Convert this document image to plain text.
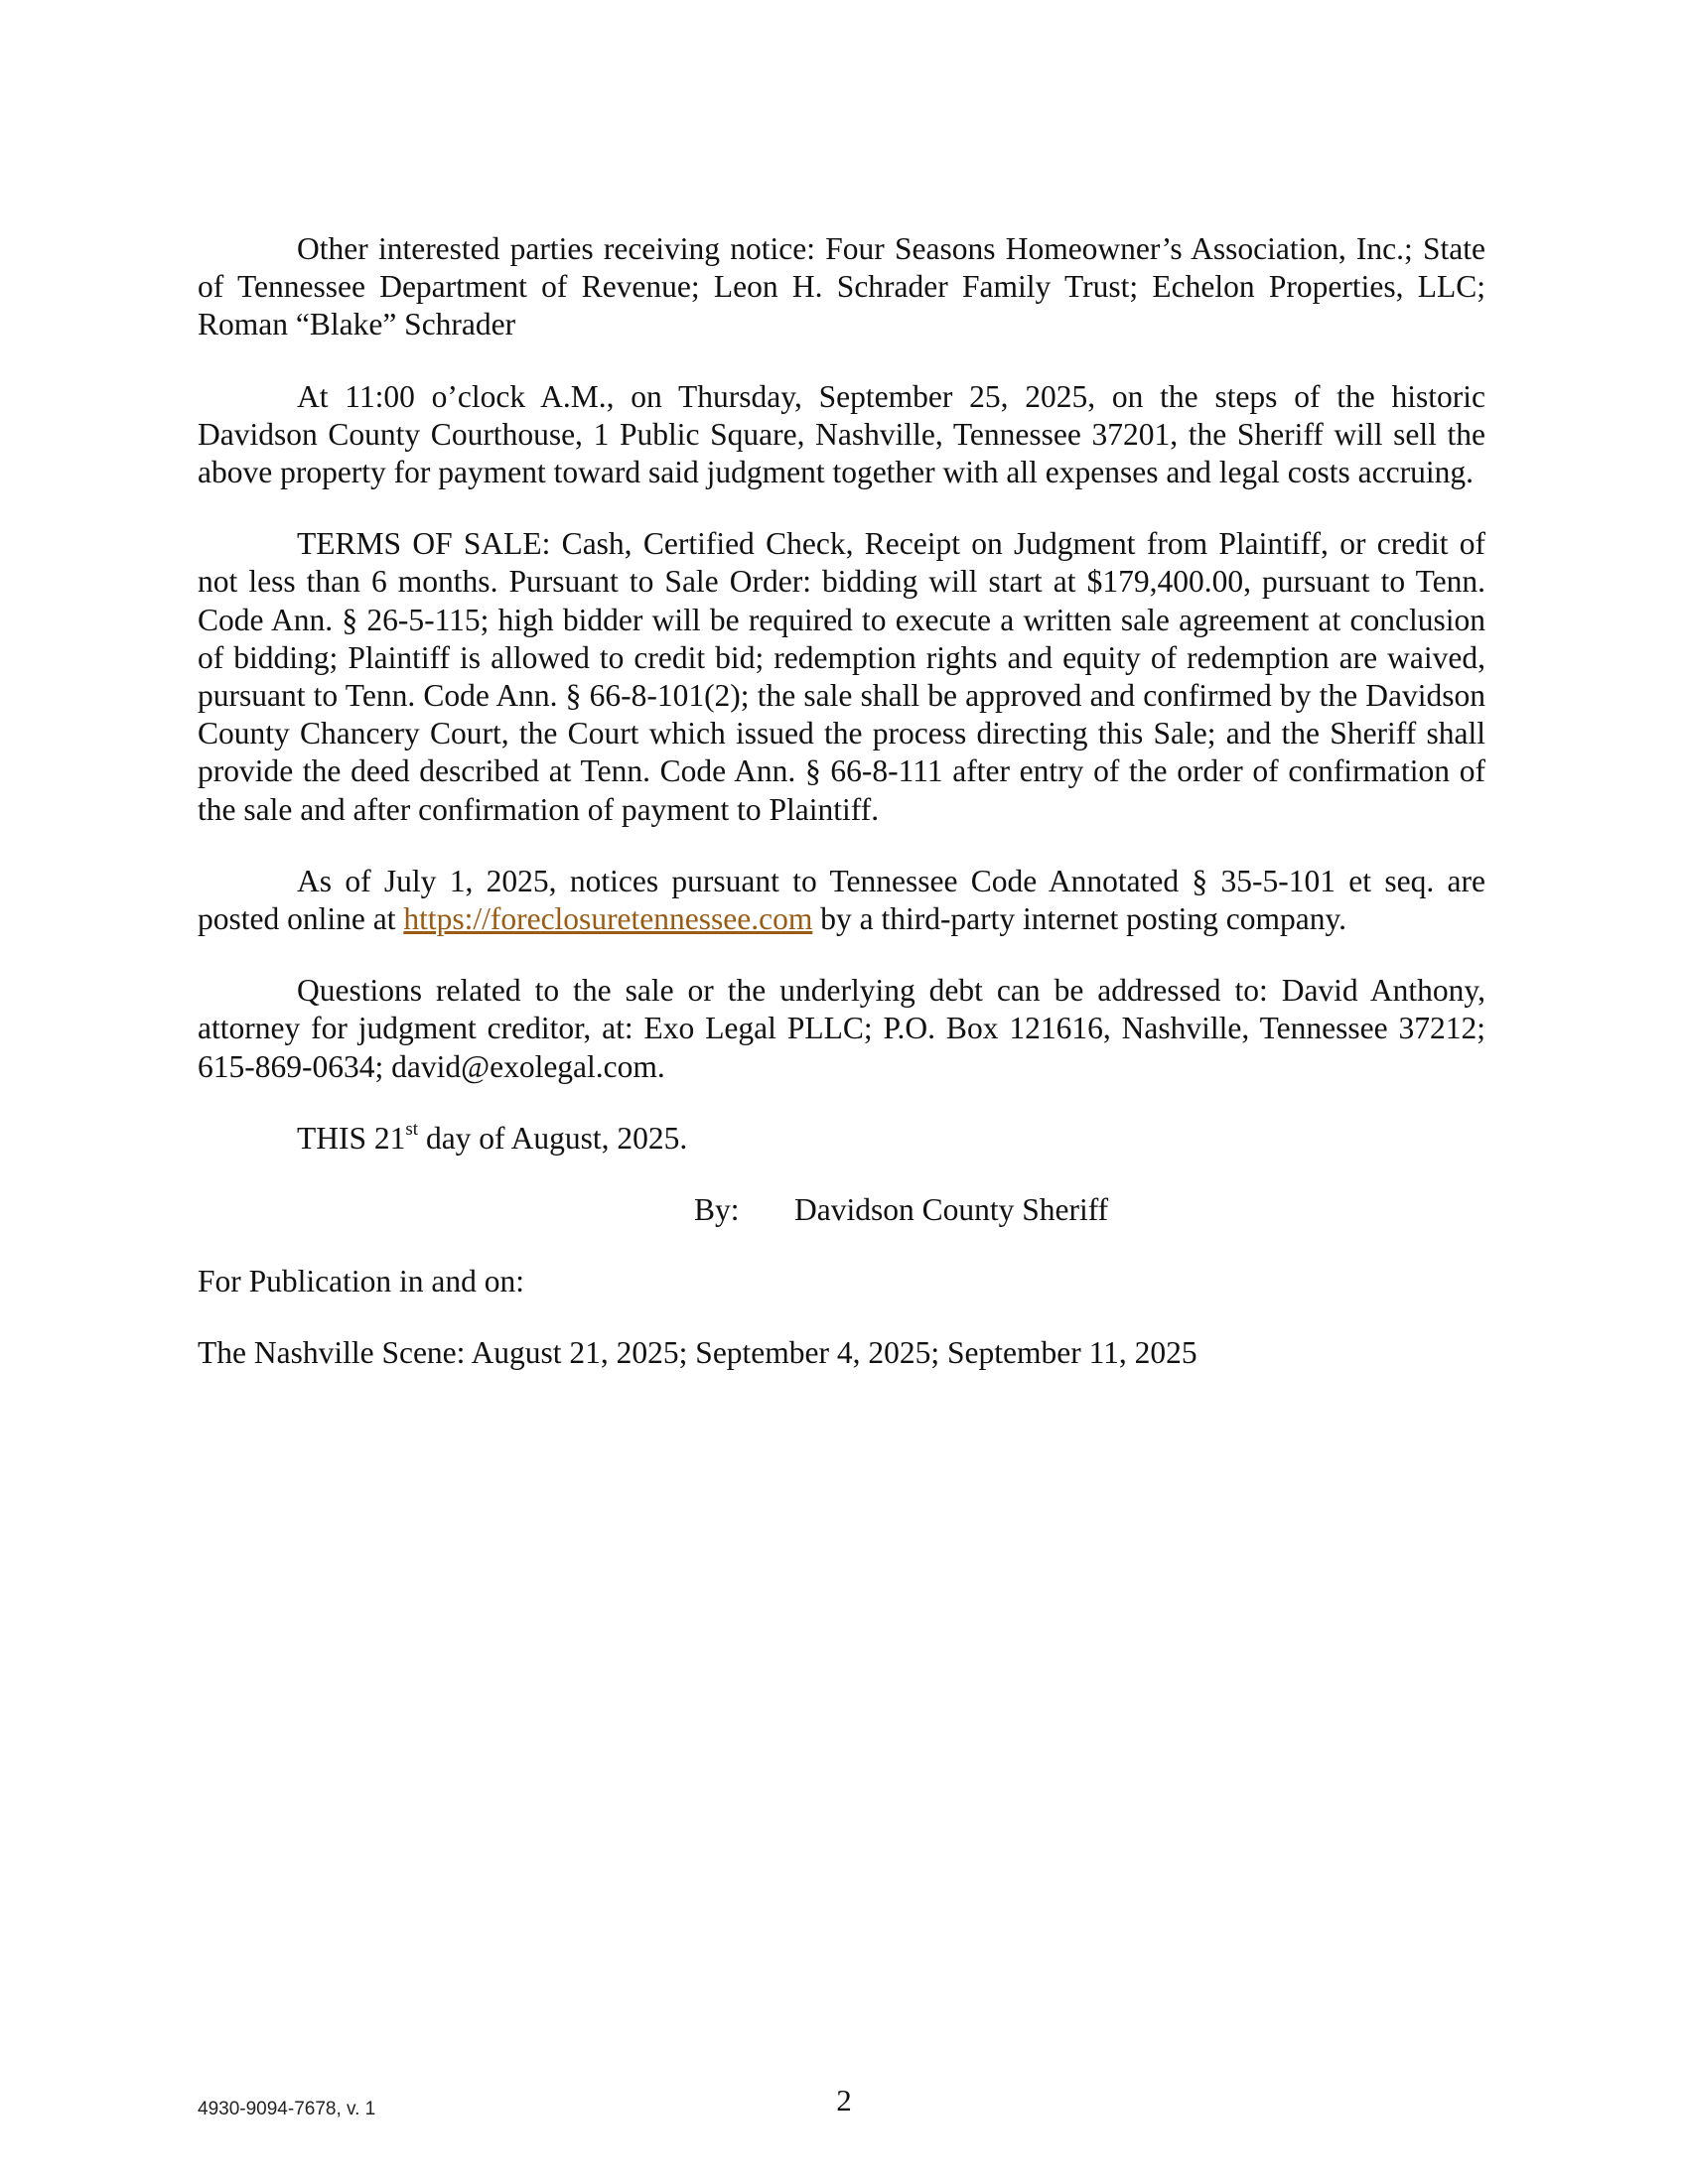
Other interested parties receiving notice: Four Seasons Homeowner’s Association, Inc.; State of Tennessee Department of Revenue; Leon H. Schrader Family Trust; Echelon Properties, LLC; Roman “Blake” Schrader

At 11:00 o’clock A.M., on Thursday, September 25, 2025, on the steps of the historic Davidson County Courthouse, 1 Public Square, Nashville, Tennessee 37201, the Sheriff will sell the above property for payment toward said judgment together with all expenses and legal costs accruing.

TERMS OF SALE: Cash, Certified Check, Receipt on Judgment from Plaintiff, or credit of not less than 6 months. Pursuant to Sale Order: bidding will start at $179,400.00, pursuant to Tenn. Code Ann. § 26-5-115; high bidder will be required to execute a written sale agreement at conclusion of bidding; Plaintiff is allowed to credit bid; redemption rights and equity of redemption are waived, pursuant to Tenn. Code Ann. § 66-8-101(2); the sale shall be approved and confirmed by the Davidson County Chancery Court, the Court which issued the process directing this Sale; and the Sheriff shall provide the deed described at Tenn. Code Ann. § 66-8-111 after entry of the order of confirmation of the sale and after confirmation of payment to Plaintiff.

As of July 1, 2025, notices pursuant to Tennessee Code Annotated § 35-5-101 et seq. are posted online at https://foreclosuretennessee.com by a third-party internet posting company.

Questions related to the sale or the underlying debt can be addressed to: David Anthony, attorney for judgment creditor, at: Exo Legal PLLC; P.O. Box 121616, Nashville, Tennessee 37212; 615-869-0634; david@exolegal.com.

THIS 21st day of August, 2025.

By: Davidson County Sheriff

For Publication in and on:

The Nashville Scene: August 21, 2025; September 4, 2025; September 11, 2025

2
4930-9094-7678, v. 1
